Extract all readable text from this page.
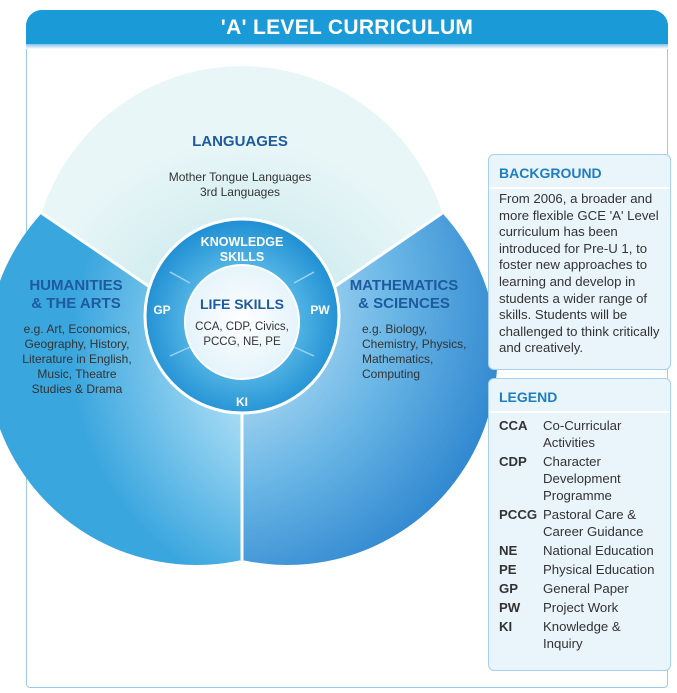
'A' LEVEL CURRICULUM
LANGUAGES
Mother Tongue Languages
3rd Languages
HUMANITIES
& THE ARTS
e.g. Art, Economics,
Geography, History,
Literature in English,
Music, Theatre
Studies & Drama
MATHEMATICS
& SCIENCES
e.g. Biology,
Chemistry, Physics,
Mathematics,
Computing
KNOWLEDGE
SKILLS
GP	PW
KI
LIFE SKILLS
CCA, CDP, Civics,
PCCG, NE, PE
BACKGROUND
From 2006, a broader and
more flexible GCE 'A' Level
curriculum has been
introduced for Pre-U 1, to
foster new approaches to
learning and develop in
students a wider range of
skills. Students will be
challenged to think critically
and creatively.
LEGEND
CCA	Co-Curricular
Activities

CDP	Character
Development
Programme

PCCG	Pastoral Care &
Career Guidance

NE	National Education
PE	Physical Education
GP	General Paper
PW	Project Work
KI	Knowledge &
Inquiry
